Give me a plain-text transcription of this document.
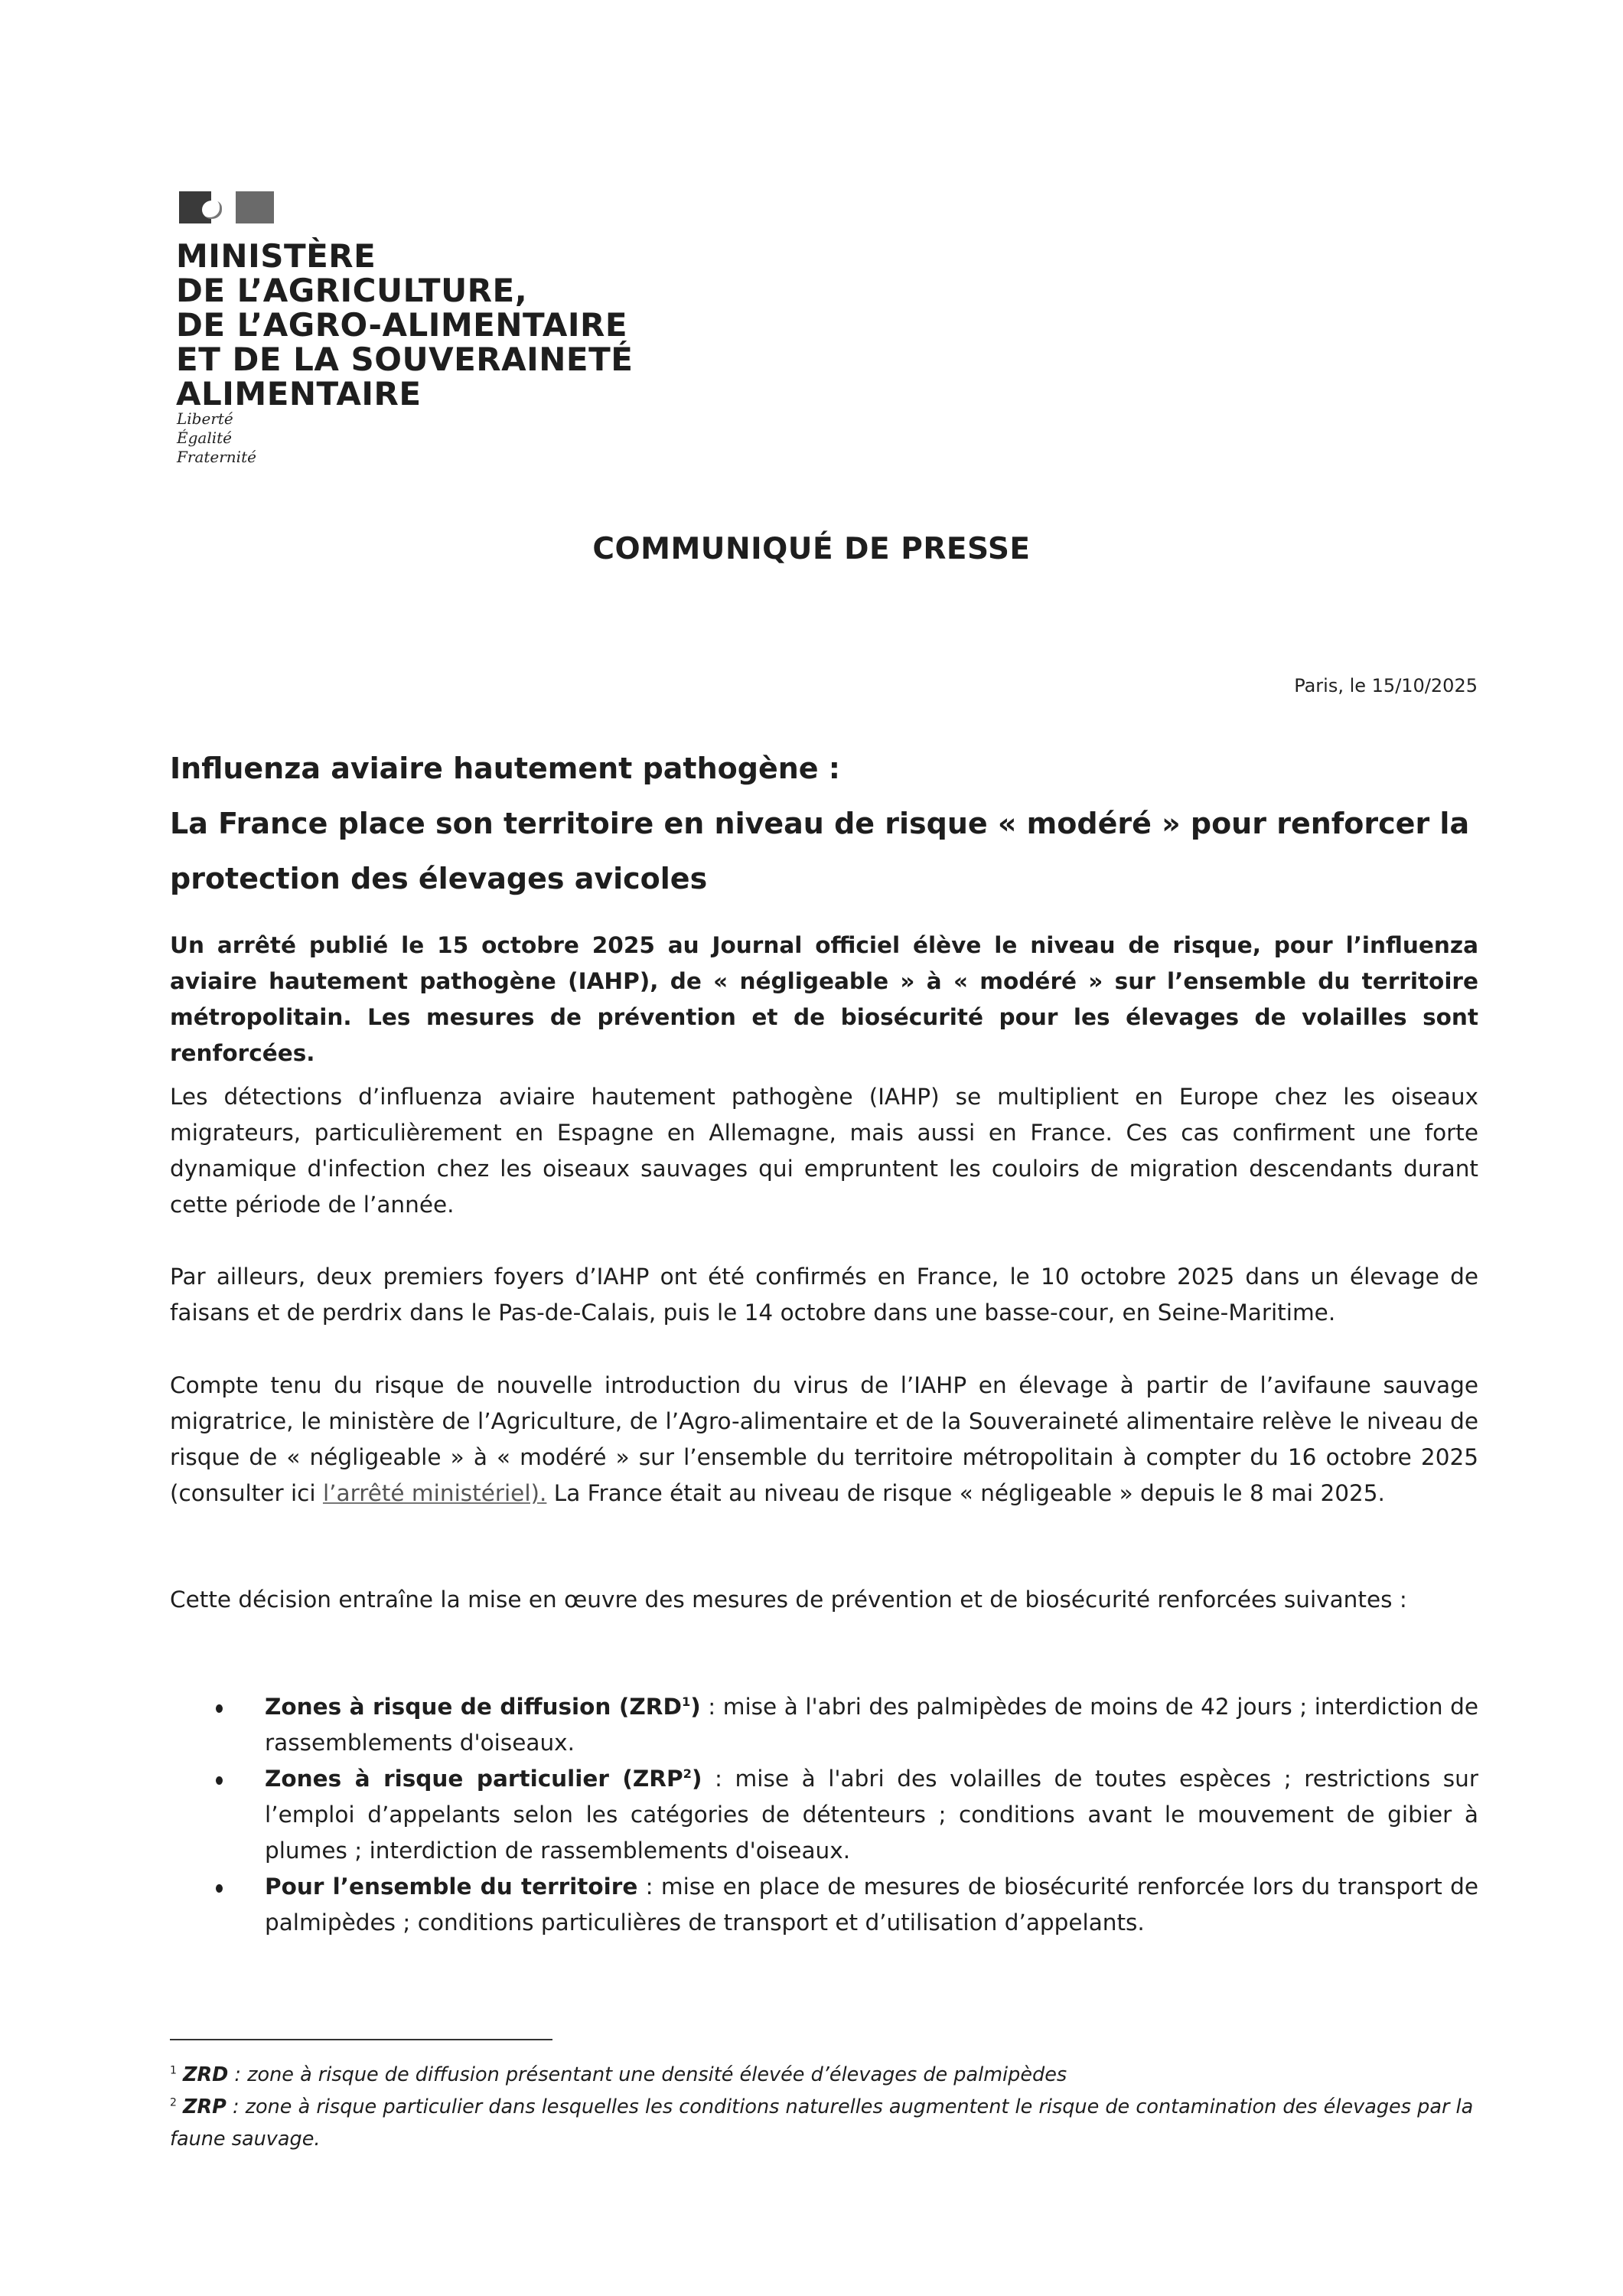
MINISTÈRE
DE L’AGRICULTURE,
DE L’AGRO-ALIMENTAIRE
ET DE LA SOUVERAINETÉ
ALIMENTAIRE
Liberté
Égalité
Fraternité
COMMUNIQUÉ DE PRESSE
Paris, le 15/10/2025
Influenza aviaire hautement pathogène :
La France place son territoire en niveau de risque « modéré » pour renforcer la protection des élevages avicoles
Un arrêté publié le 15 octobre 2025 au Journal officiel élève le niveau de risque, pour l’influenza aviaire hautement pathogène (IAHP), de « négligeable » à « modéré » sur l’ensemble du territoire métropolitain. Les mesures de prévention et de biosécurité pour les élevages de volailles sont renforcées.

Les détections d’influenza aviaire hautement pathogène (IAHP) se multiplient en Europe chez les oiseaux migrateurs, particulièrement en Espagne en Allemagne, mais aussi en France. Ces cas confirment une forte dynamique d'infection chez les oiseaux sauvages qui empruntent les couloirs de migration descendants durant cette période de l’année.

Par ailleurs, deux premiers foyers d’IAHP ont été confirmés en France, le 10 octobre 2025 dans un élevage de faisans et de perdrix dans le Pas-de-Calais, puis le 14 octobre dans une basse-cour, en Seine-Maritime.

Compte tenu du risque de nouvelle introduction du virus de l’IAHP en élevage à partir de l’avifaune sauvage migratrice, le ministère de l’Agriculture, de l’Agro-alimentaire et de la Souveraineté alimentaire relève le niveau de risque de « négligeable » à « modéré » sur l’ensemble du territoire métropolitain à compter du 16 octobre 2025 (consulter ici l’arrêté ministériel). La France était au niveau de risque « négligeable » depuis le 8 mai 2025.

Cette décision entraîne la mise en œuvre des mesures de prévention et de biosécurité renforcées suivantes :

Zones à risque de diffusion (ZRD$^1$) : mise à l'abri des palmipèdes de moins de 42 jours ; interdiction de rassemblements d'oiseaux.
Zones à risque particulier (ZRP$^2$) : mise à l'abri des volailles de toutes espèces ; restrictions sur l’emploi d’appelants selon les catégories de détenteurs ; conditions avant le mouvement de gibier à plumes ; interdiction de rassemblements d'oiseaux.
Pour l’ensemble du territoire : mise en place de mesures de biosécurité renforcée lors du transport de palmipèdes ; conditions particulières de transport et d’utilisation d’appelants.
$^1$ ZRD : zone à risque de diffusion présentant une densité élevée d’élevages de palmipèdes
$^2$ ZRP : zone à risque particulier dans lesquelles les conditions naturelles augmentent le risque de contamination des élevages par la faune sauvage.
